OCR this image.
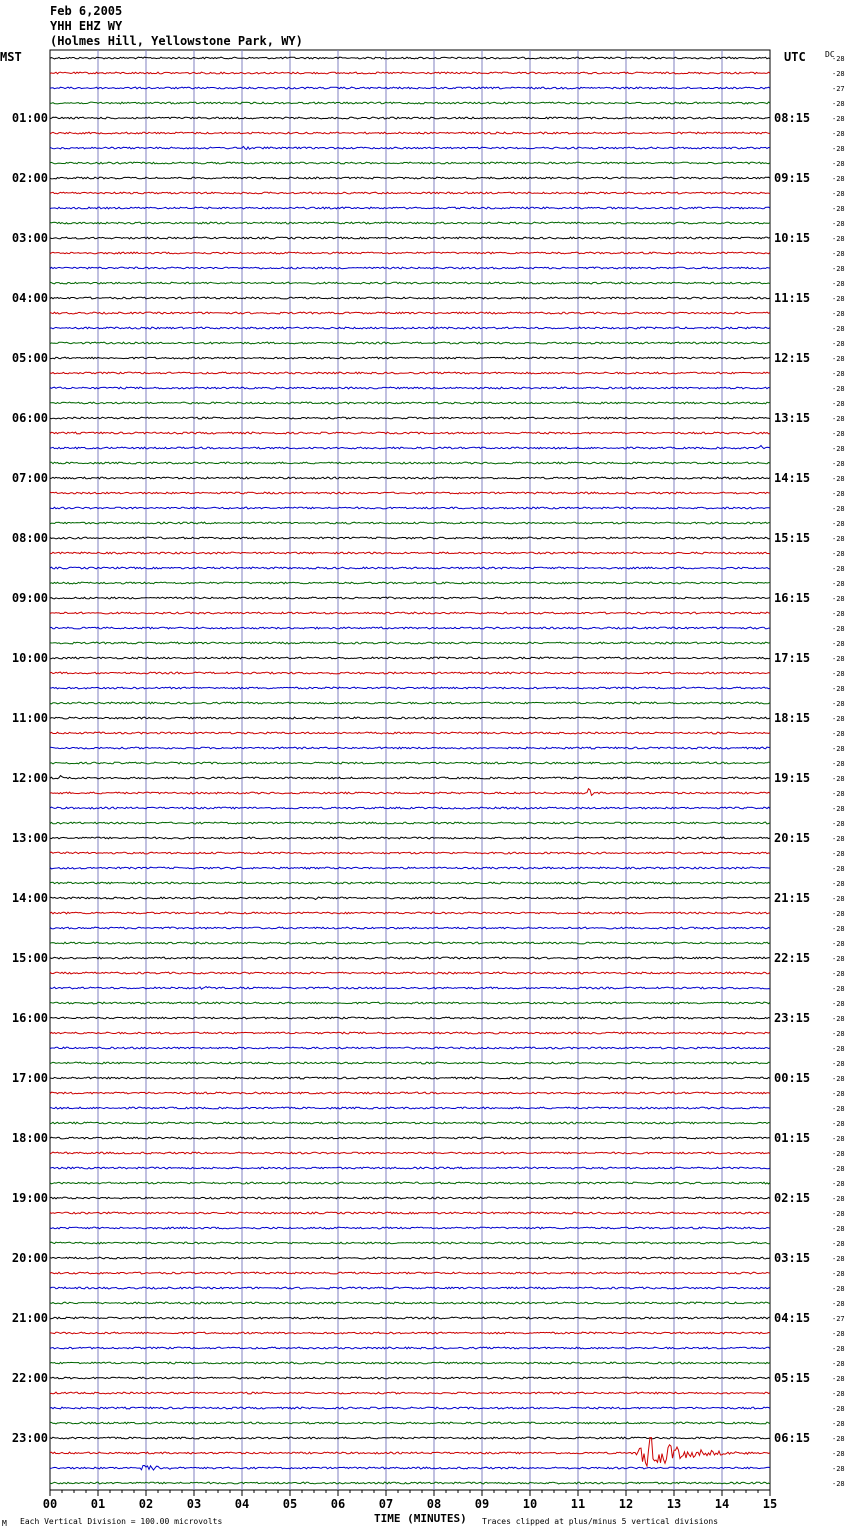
Feb 6,2005
YHH EHZ WY
(Holmes Hill, Yellowstone Park, WY)
MST	UTC DC
00	01	02	03	04	05	06	07	08	09	10	11	12	13	14	15
-28
-28
-27
-28
-28
-28
-28
-28
-28
-28
-28
-28
-28
-28
-28
-28
-28
-28
-28
-28
-28
-28
-28
-28
-28
-28
-28
-28
-28
-28
-28
-28
-28
-28
-28
-28
-28
-28
-28
-28
-28
-28
-28
-28
-28
-28
-28
-28
-28
-28
-28
-28
-28
-28
-28
-28
-28
-28
-28
-28
-28
-28
-28
-28
-28
-28
-28
-28
-28
-28
-28
-28
-28
-28
-28
-28
-28
-28
-28
-28
-28
-28
-28
-28
-27
-28
-28
-28
-28
-28
-28
-28
-28
-28
-28
-28
01:00
02:00
03:00
04:00
05:00
06:00
07:00
08:00
09:00
10:00
11:00
12:00
13:00
14:00
15:00
16:00
17:00
18:00
19:00
20:00
21:00
22:00
23:00
08:15
09:15
10:15
11:15
12:15
13:15
14:15
15:15
16:15
17:15
18:15
19:15
20:15
21:15
22:15
23:15
00:15
01:15
02:15
03:15
04:15
05:15
06:15
TIME (MINUTES)
Each Vertical Division = 100.00 microvolts	Traces clipped at plus/minus 5 vertical divisions
M
